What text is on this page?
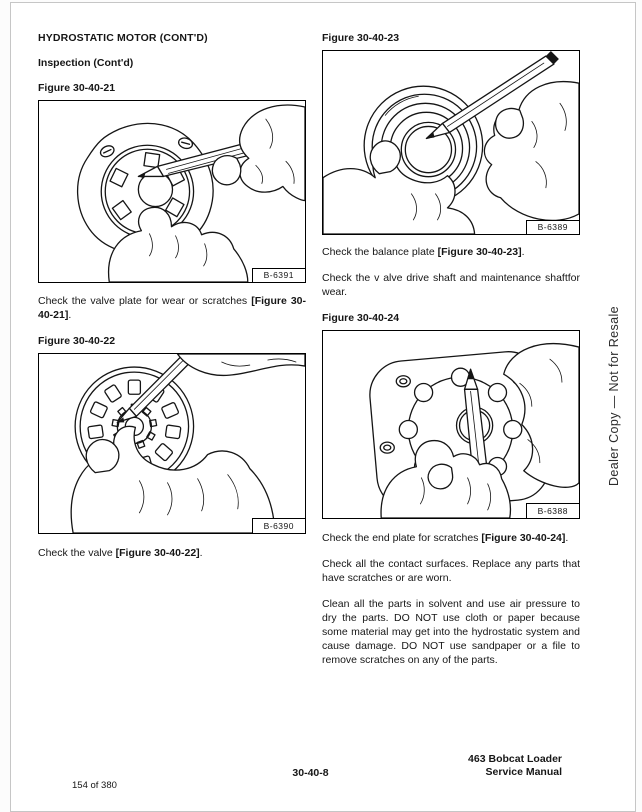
HYDROSTATIC MOTOR (CONT'D)
Inspection (Cont'd)
Figure 30-40-21
B-6391

Check the valve plate for wear or scratches [Figure 30-40-21].

Figure 30-40-22
B-6390

Check the valve [Figure 30-40-22].

Figure 30-40-23
B-6389

Check the balance plate [Figure 30-40-23].

Check the v alve drive shaft and maintenance shaftfor wear.

Figure 30-40-24
B-6388

Check the end plate for scratches [Figure 30-40-24].

Check all the contact surfaces. Replace any parts that have scratches or are worn.

Clean all the parts in solvent and use air pressure to dry the parts. DO NOT use cloth or paper because some material may get into the hydrostatic system and cause damage. DO NOT use sandpaper or a file to remove scratches on any of the parts.

Dealer Copy — Not for Resale
30-40-8
463 Bobcat Loader
Service Manual
154 of 380
